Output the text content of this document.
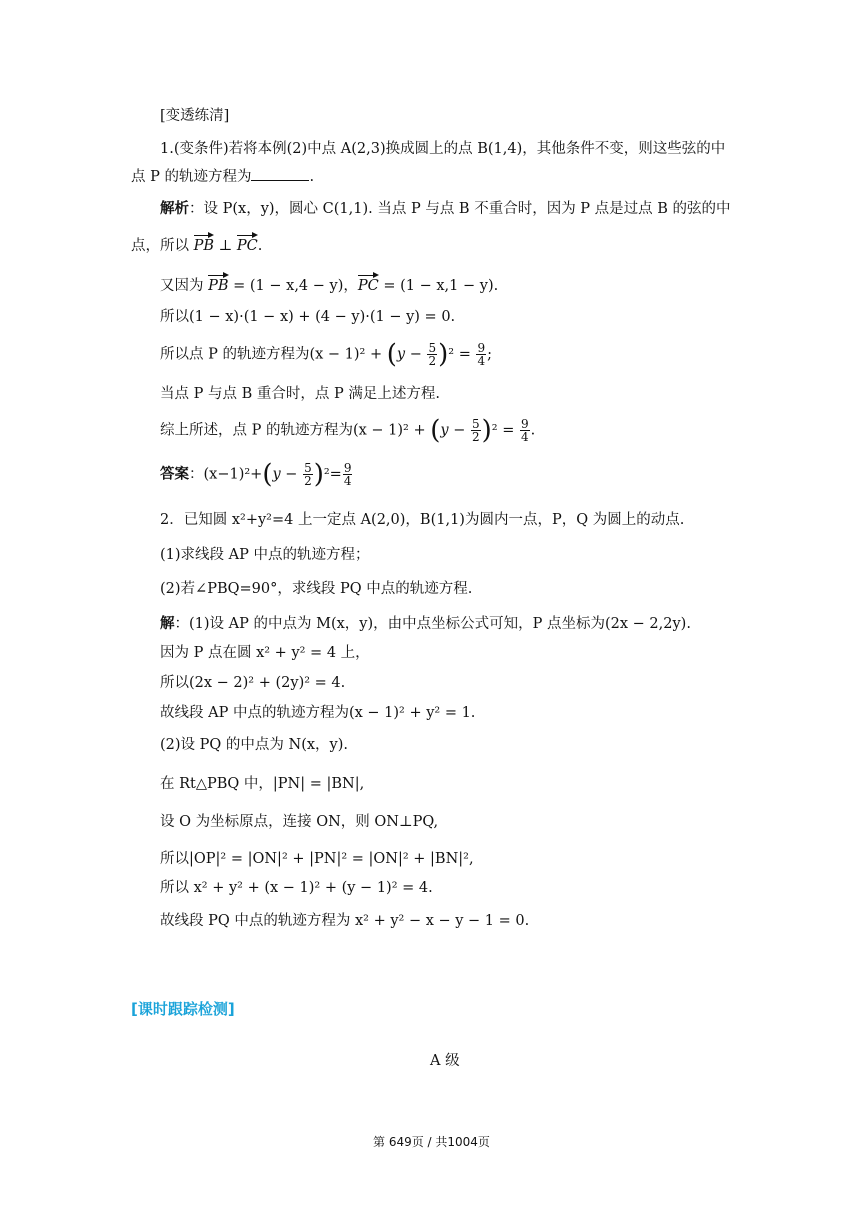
[变透练清]
1.(变条件)若将本例(2)中点 A(2,3)换成圆上的点 B(1,4)，其他条件不变，则这些弦的中
点 P 的轨迹方程为	.
解析：设 P(x，y)，圆心 C(1,1). 当点 P 与点 B 不重合时，因为 P 点是过点 B 的弦的中
点，所以 PB ⊥ PC.
又因为 PB = (1 − x,4 − y)，PC = (1 − x,1 − y).
所以(1 − x)·(1 − x) + (4 − y)·(1 − y) = 0.
所以点 P 的轨迹方程为$(x - 1)^2 + (y - \frac{5}{2} )^2 = \frac{9}{4}$ ;
当点 P 与点 B 重合时，点 P 满足上述方程.
综上所述，点 P 的轨迹方程为$(x - 1)^2 + (y - \frac{5}{2} )^2 = \frac{9}{4}$ .
答案：$(x-1)^2+(y - \frac{5}{2} )^2= \frac{9}{4}$
2．已知圆 x²+y²=4 上一定点 A(2,0)，B(1,1)为圆内一点，P，Q 为圆上的动点.
(1)求线段 AP 中点的轨迹方程；
(2)若∠PBQ=90°，求线段 PQ 中点的轨迹方程.
解：(1)设 AP 的中点为 M(x，y)，由中点坐标公式可知，P 点坐标为(2x − 2,2y).
因为 P 点在圆 x² + y² = 4 上，
所以(2x − 2)² + (2y)² = 4.
故线段 AP 中点的轨迹方程为(x − 1)² + y² = 1.
(2)设 PQ 的中点为 N(x，y).
在 Rt△PBQ 中，|PN| = |BN|,
设 O 为坐标原点，连接 ON，则 ON⊥PQ,
所以|OP|² = |ON|² + |PN|² = |ON|² + |BN|²,
所以 x² + y² + (x − 1)² + (y − 1)² = 4.
故线段 PQ 中点的轨迹方程为 x² + y² − x − y − 1 = 0.
[课时跟踪检测]
A 级
第 649页 / 共1004页
